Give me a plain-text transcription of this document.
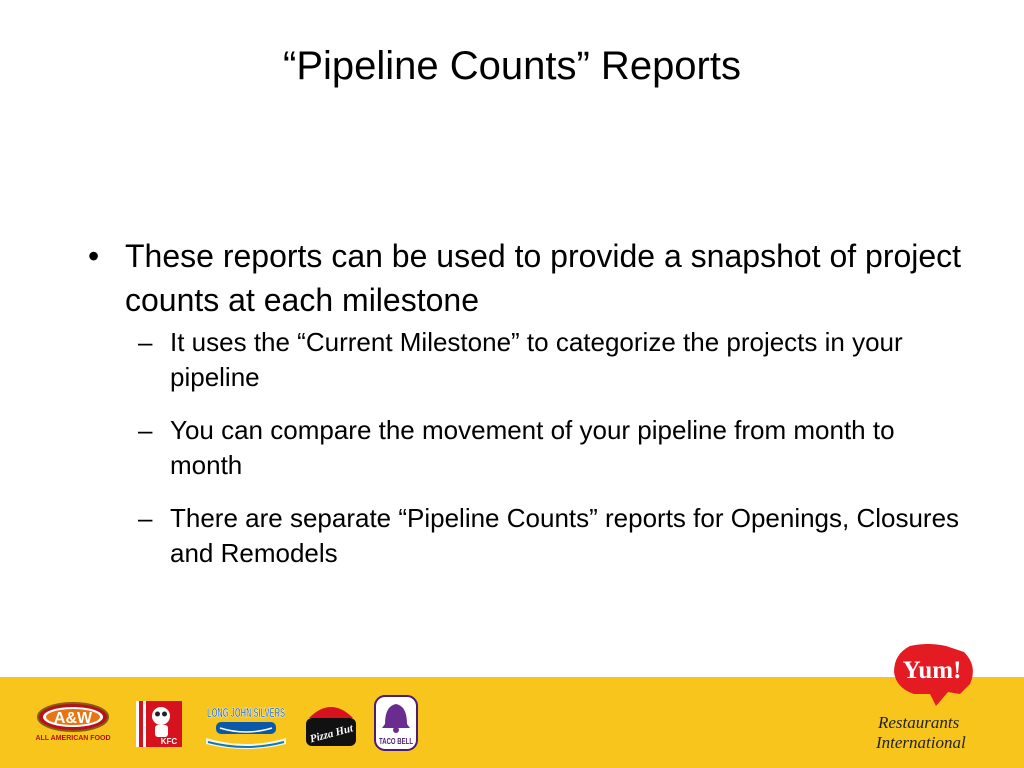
“Pipeline Counts” Reports
• These reports can be used to provide a snapshot of project counts at each milestone
– It uses the “Current Milestone” to categorize the projects in your pipeline
– You can compare the movement of your pipeline from month to month
– There are separate “Pipeline Counts” reports for Openings, Closures and Remodels
A&W
ALL AMERICAN FOOD	KFC
LONG JOHN SILVERS
Pizza Hut	TACO BELL
Yum!
Restaurants
International
